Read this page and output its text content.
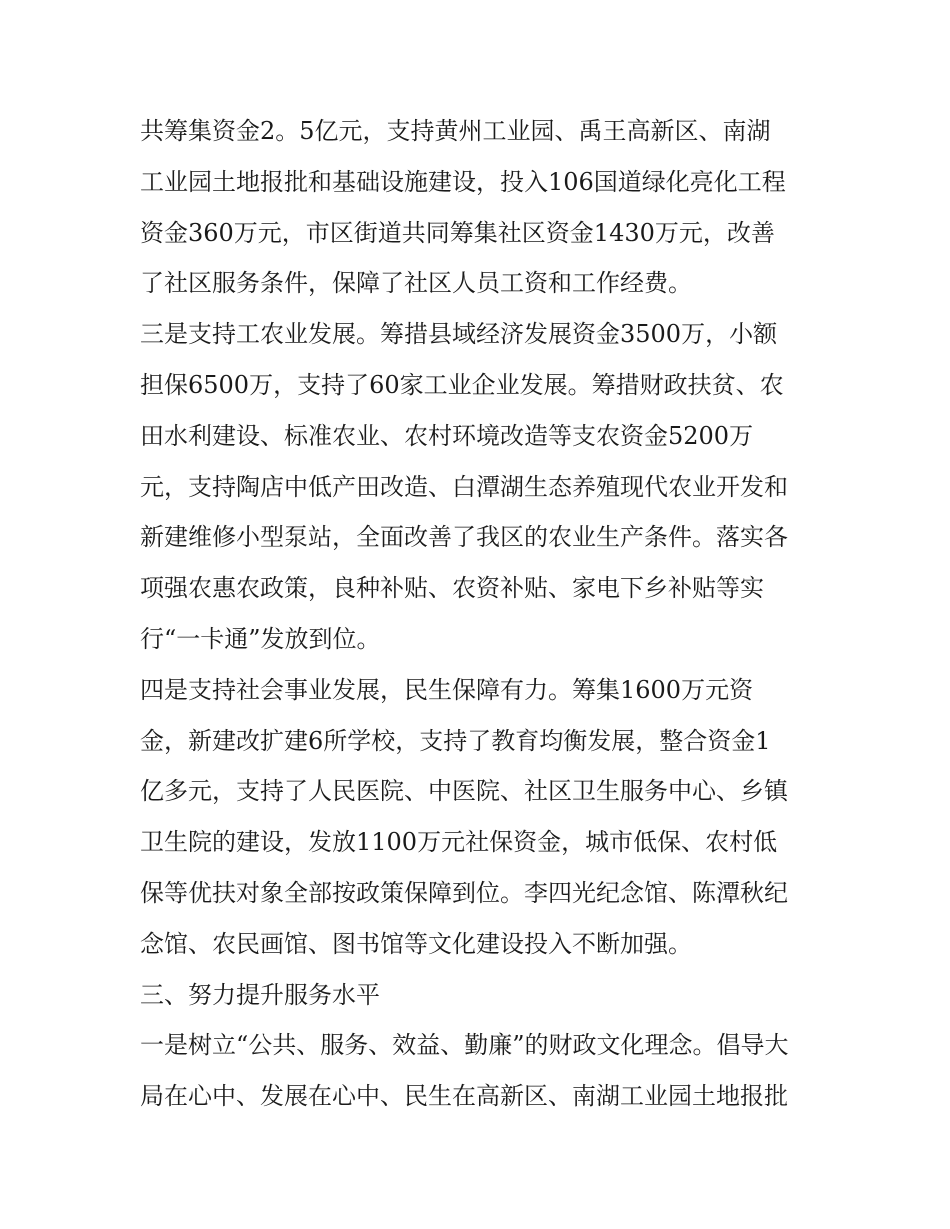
共筹集资金2。5亿元，支持黄州工业园、禹王高新区、南湖
工业园土地报批和基础设施建设，投入106国道绿化亮化工程
资金360万元，市区街道共同筹集社区资金1430万元，改善
了社区服务条件，保障了社区人员工资和工作经费。
三是支持工农业发展。筹措县域经济发展资金3500万，小额
担保6500万，支持了60家工业企业发展。筹措财政扶贫、农
田水利建设、标准农业、农村环境改造等支农资金5200万
元，支持陶店中低产田改造、白潭湖生态养殖现代农业开发和
新建维修小型泵站，全面改善了我区的农业生产条件。落实各
项强农惠农政策，良种补贴、农资补贴、家电下乡补贴等实
行“一卡通”发放到位。
四是支持社会事业发展，民生保障有力。筹集1600万元资
金，新建改扩建6所学校，支持了教育均衡发展，整合资金1
亿多元，支持了人民医院、中医院、社区卫生服务中心、乡镇
卫生院的建设，发放1100万元社保资金，城市低保、农村低
保等优扶对象全部按政策保障到位。李四光纪念馆、陈潭秋纪
念馆、农民画馆、图书馆等文化建设投入不断加强。
三、努力提升服务水平
一是树立“公共、服务、效益、勤廉”的财政文化理念。倡导大
局在心中、发展在心中、民生在高新区、南湖工业园土地报批
